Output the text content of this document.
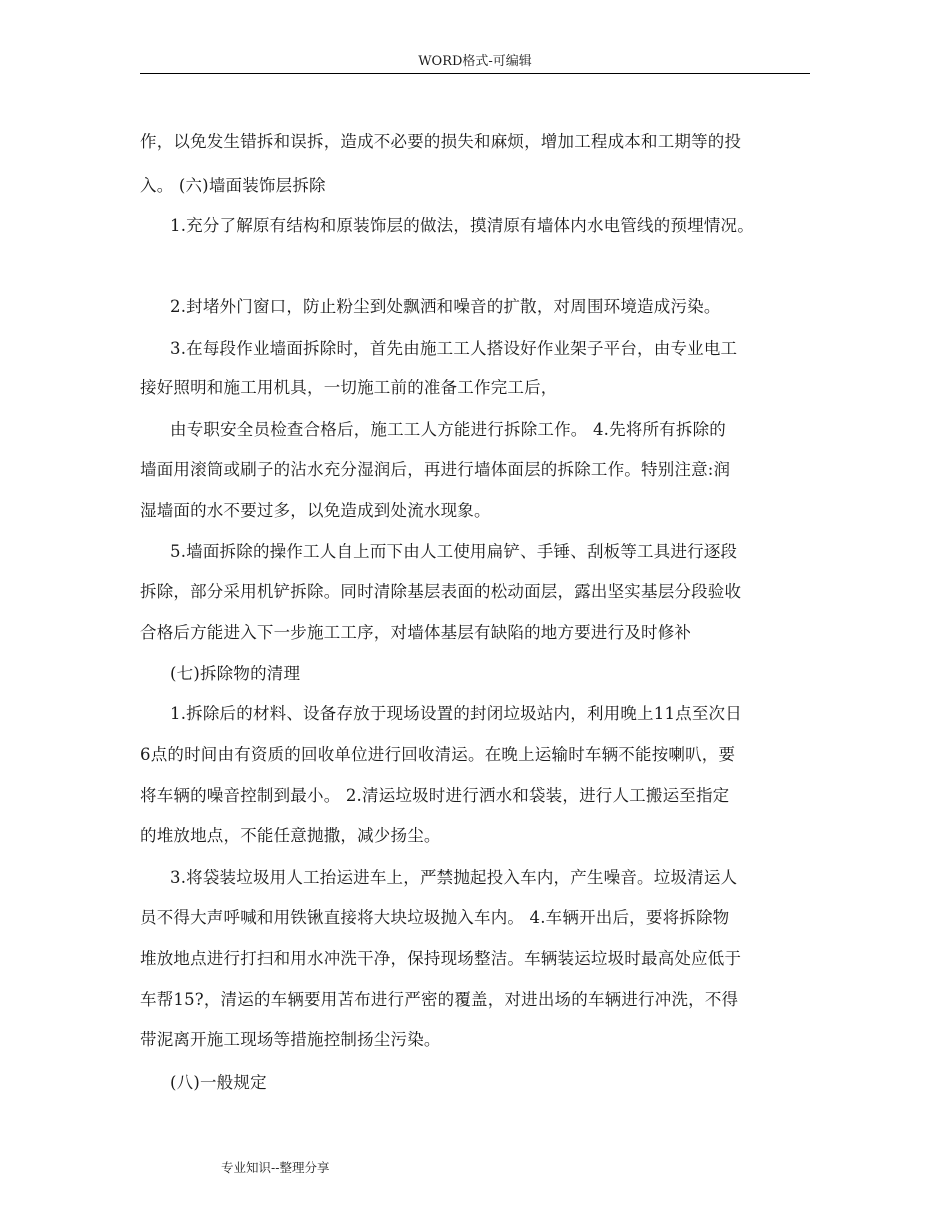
WORD格式-可编辑
作，以免发生错拆和误拆，造成不必要的损失和麻烦，增加工程成本和工期等的投
入。 (六)墙面装饰层拆除
1.充分了解原有结构和原装饰层的做法，摸清原有墙体内水电管线的预埋情况。
2.封堵外门窗口，防止粉尘到处飘洒和噪音的扩散，对周围环境造成污染。
3.在每段作业墙面拆除时，首先由施工工人搭设好作业架子平台，由专业电工
接好照明和施工用机具，一切施工前的准备工作完工后，
由专职安全员检查合格后，施工工人方能进行拆除工作。 4.先将所有拆除的
墙面用滚筒或刷子的沾水充分湿润后，再进行墙体面层的拆除工作。特别注意:润
湿墙面的水不要过多，以免造成到处流水现象。
5.墙面拆除的操作工人自上而下由人工使用扁铲、手锤、刮板等工具进行逐段
拆除，部分采用机铲拆除。同时清除基层表面的松动面层，露出坚实基层分段验收
合格后方能进入下一步施工工序，对墙体基层有缺陷的地方要进行及时修补
(七)拆除物的清理
1.拆除后的材料、设备存放于现场设置的封闭垃圾站内，利用晚上11点至次日
6点的时间由有资质的回收单位进行回收清运。在晚上运输时车辆不能按喇叭，要
将车辆的噪音控制到最小。 2.清运垃圾时进行洒水和袋装，进行人工搬运至指定
的堆放地点，不能任意抛撒，减少扬尘。
3.将袋装垃圾用人工抬运进车上，严禁抛起投入车内，产生噪音。垃圾清运人
员不得大声呼喊和用铁锹直接将大块垃圾抛入车内。 4.车辆开出后，要将拆除物
堆放地点进行打扫和用水冲洗干净，保持现场整洁。车辆装运垃圾时最高处应低于
车帮15?，清运的车辆要用苫布进行严密的覆盖，对进出场的车辆进行冲洗，不得
带泥离开施工现场等措施控制扬尘污染。
(八)一般规定
专业知识--整理分享
